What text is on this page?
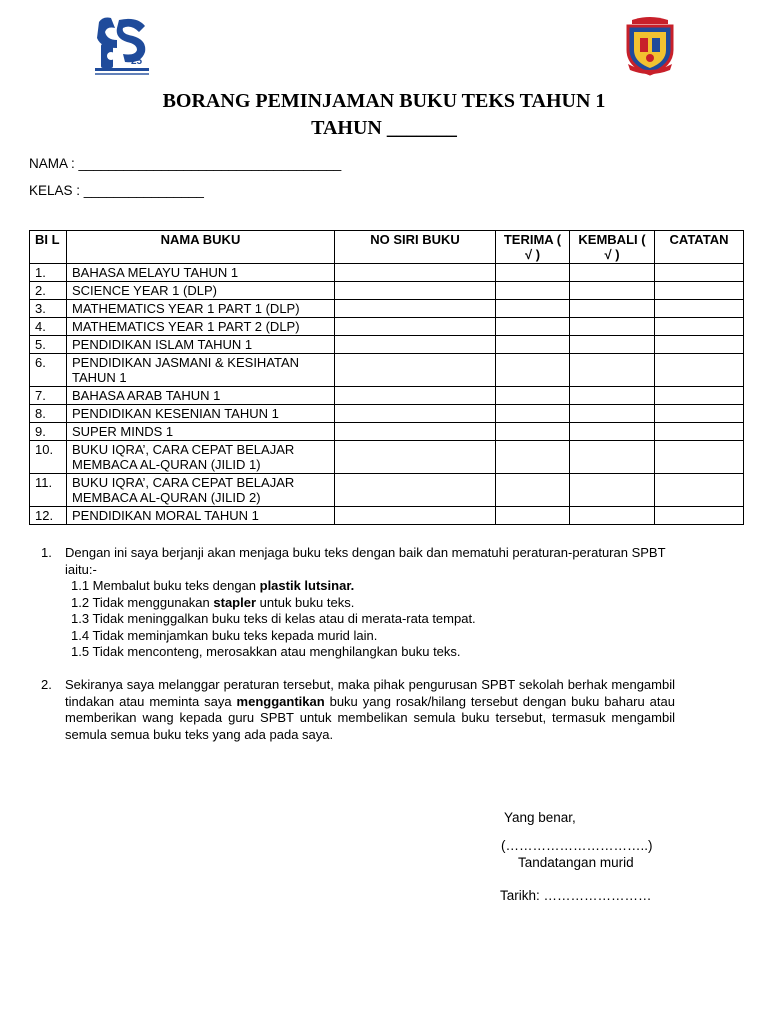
25
BORANG PEMINJAMAN BUKU TEKS TAHUN 1
TAHUN _______
NAMA : ___________________________________
KELAS : ________________
BI L	NAMA BUKU	NO SIRI BUKU	TERIMA ( √ )	KEMBALI ( √ )	CATATAN
1.	BAHASA MELAYU TAHUN 1				
2.	SCIENCE YEAR 1 (DLP)				
3.	MATHEMATICS YEAR 1 PART 1 (DLP)				
4.	MATHEMATICS YEAR 1 PART 2 (DLP)				
5.	PENDIDIKAN ISLAM TAHUN 1				
6.	PENDIDIKAN JASMANI & KESIHATAN TAHUN 1				
7.	BAHASA ARAB TAHUN 1				
8.	PENDIDIKAN KESENIAN TAHUN 1				
9.	SUPER MINDS 1				
10.	BUKU IQRA’, CARA CEPAT BELAJAR MEMBACA AL-QURAN (JILID 1)				
11.	BUKU IQRA’, CARA CEPAT BELAJAR MEMBACA AL-QURAN (JILID 2)				
12.	PENDIDIKAN MORAL TAHUN 1				
1. Dengan ini saya berjanji akan menjaga buku teks dengan baik dan mematuhi peraturan-peraturan SPBT iaitu:-
1.1 Membalut buku teks dengan plastik lutsinar.
1.2 Tidak menggunakan stapler untuk buku teks.
1.3 Tidak meninggalkan buku teks di kelas atau di merata-rata tempat.
1.4 Tidak meminjamkan buku teks kepada murid lain.
1.5 Tidak menconteng, merosakkan atau menghilangkan buku teks.
2. Sekiranya saya melanggar peraturan tersebut, maka pihak pengurusan SPBT sekolah berhak mengambil tindakan atau meminta saya menggantikan buku yang rosak/hilang tersebut dengan buku baharu atau memberikan wang kepada guru SPBT untuk membelikan semula buku tersebut, termasuk mengambil semula semua buku teks yang ada pada saya.
Yang benar,
(…………………………..)
Tandatangan murid
Tarikh: ……………………
